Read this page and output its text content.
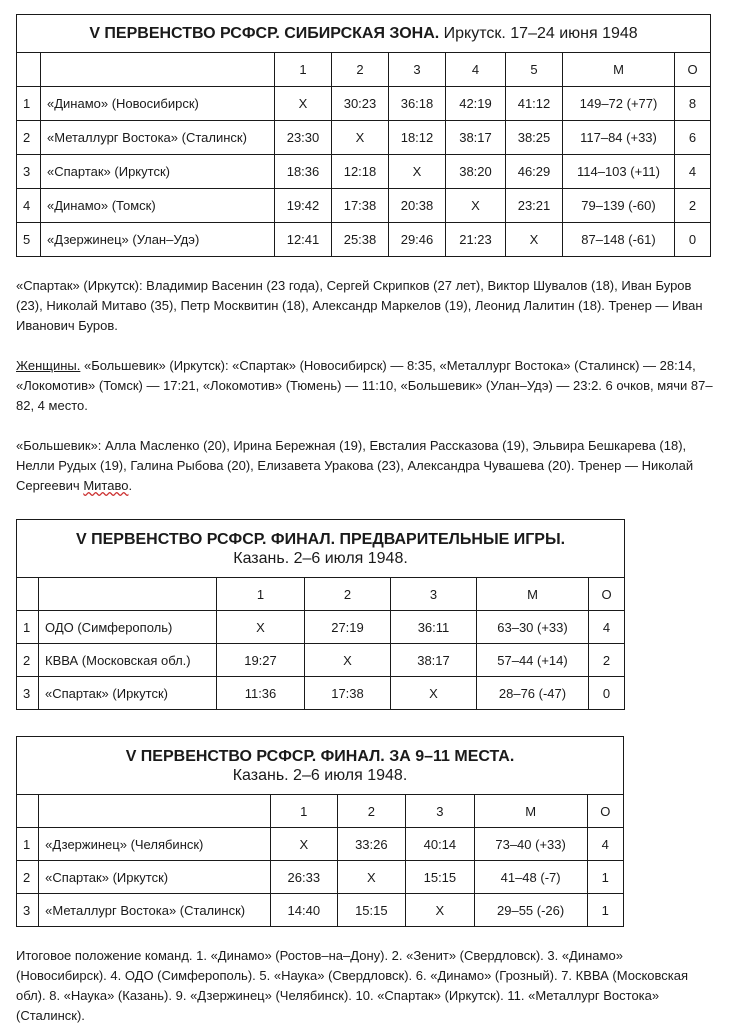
V ПЕРВЕНСТВО РСФСР. СИБИРСКАЯ ЗОНА. Иркутск. 17–24 июня 1948								
		1	2	3	4	5	М	О
1	«Динамо» (Новосибирск)	Х	30:23	36:18	42:19	41:12	149–72 (+77)	8
2	«Металлург Востока» (Сталинск)	23:30	Х	18:12	38:17	38:25	117–84 (+33)	6
3	«Спартак» (Иркутск)	18:36	12:18	Х	38:20	46:29	114–103 (+11)	4
4	«Динамо» (Томск)	19:42	17:38	20:38	Х	23:21	79–139 (-60)	2
5	«Дзержинец» (Улан–Удэ)	12:41	25:38	29:46	21:23	Х	87–148 (-61)	0

«Спартак» (Иркутск): Владимир Васенин (23 года), Сергей Скрипков (27 лет), Виктор Шувалов (18), Иван Буров (23), Николай Митаво (35), Петр Москвитин (18), Александр Маркелов (19), Леонид Лалитин (18). Тренер — Иван Иванович Буров.

Женщины. «Большевик» (Иркутск): «Спартак» (Новосибирск) — 8:35, «Металлург Востока» (Сталинск) — 28:14, «Локомотив» (Томск) — 17:21, «Локомотив» (Тюмень) — 11:10, «Большевик» (Улан–Удэ) — 23:2. 6 очков, мячи 87–82, 4 место.

«Большевик»: Алла Масленко (20), Ирина Бережная (19), Евсталия Рассказова (19), Эльвира Бешкарева (18), Нелли Рудых (19), Галина Рыбова (20), Елизавета Уракова (23), Александра Чувашева (20). Тренер — Николай Сергеевич Митаво.

V ПЕРВЕНСТВО РСФСР. ФИНАЛ. ПРЕДВАРИТЕЛЬНЫЕ ИГРЫ.
Казань. 2–6 июля 1948.						
		1	2	3	М	О
1	ОДО (Симферополь)	Х	27:19	36:11	63–30 (+33)	4
2	КВВА (Московская обл.)	19:27	Х	38:17	57–44 (+14)	2
3	«Спартак» (Иркутск)	11:36	17:38	Х	28–76 (-47)	0
V ПЕРВЕНСТВО РСФСР. ФИНАЛ. ЗА 9–11 МЕСТА.
Казань. 2–6 июля 1948.						
		1	2	3	М	О
1	«Дзержинец» (Челябинск)	Х	33:26	40:14	73–40 (+33)	4
2	«Спартак» (Иркутск)	26:33	Х	15:15	41–48 (-7)	1
3	«Металлург Востока» (Сталинск)	14:40	15:15	Х	29–55 (-26)	1

Итоговое положение команд. 1. «Динамо» (Ростов–на–Дону). 2. «Зенит» (Свердловск). 3. «Динамо» (Новосибирск). 4. ОДО (Симферополь). 5. «Наука» (Свердловск). 6. «Динамо» (Грозный). 7. КВВА (Московская обл). 8. «Наука» (Казань). 9. «Дзержинец» (Челябинск). 10. «Спартак» (Иркутск). 11. «Металлург Востока» (Сталинск).
